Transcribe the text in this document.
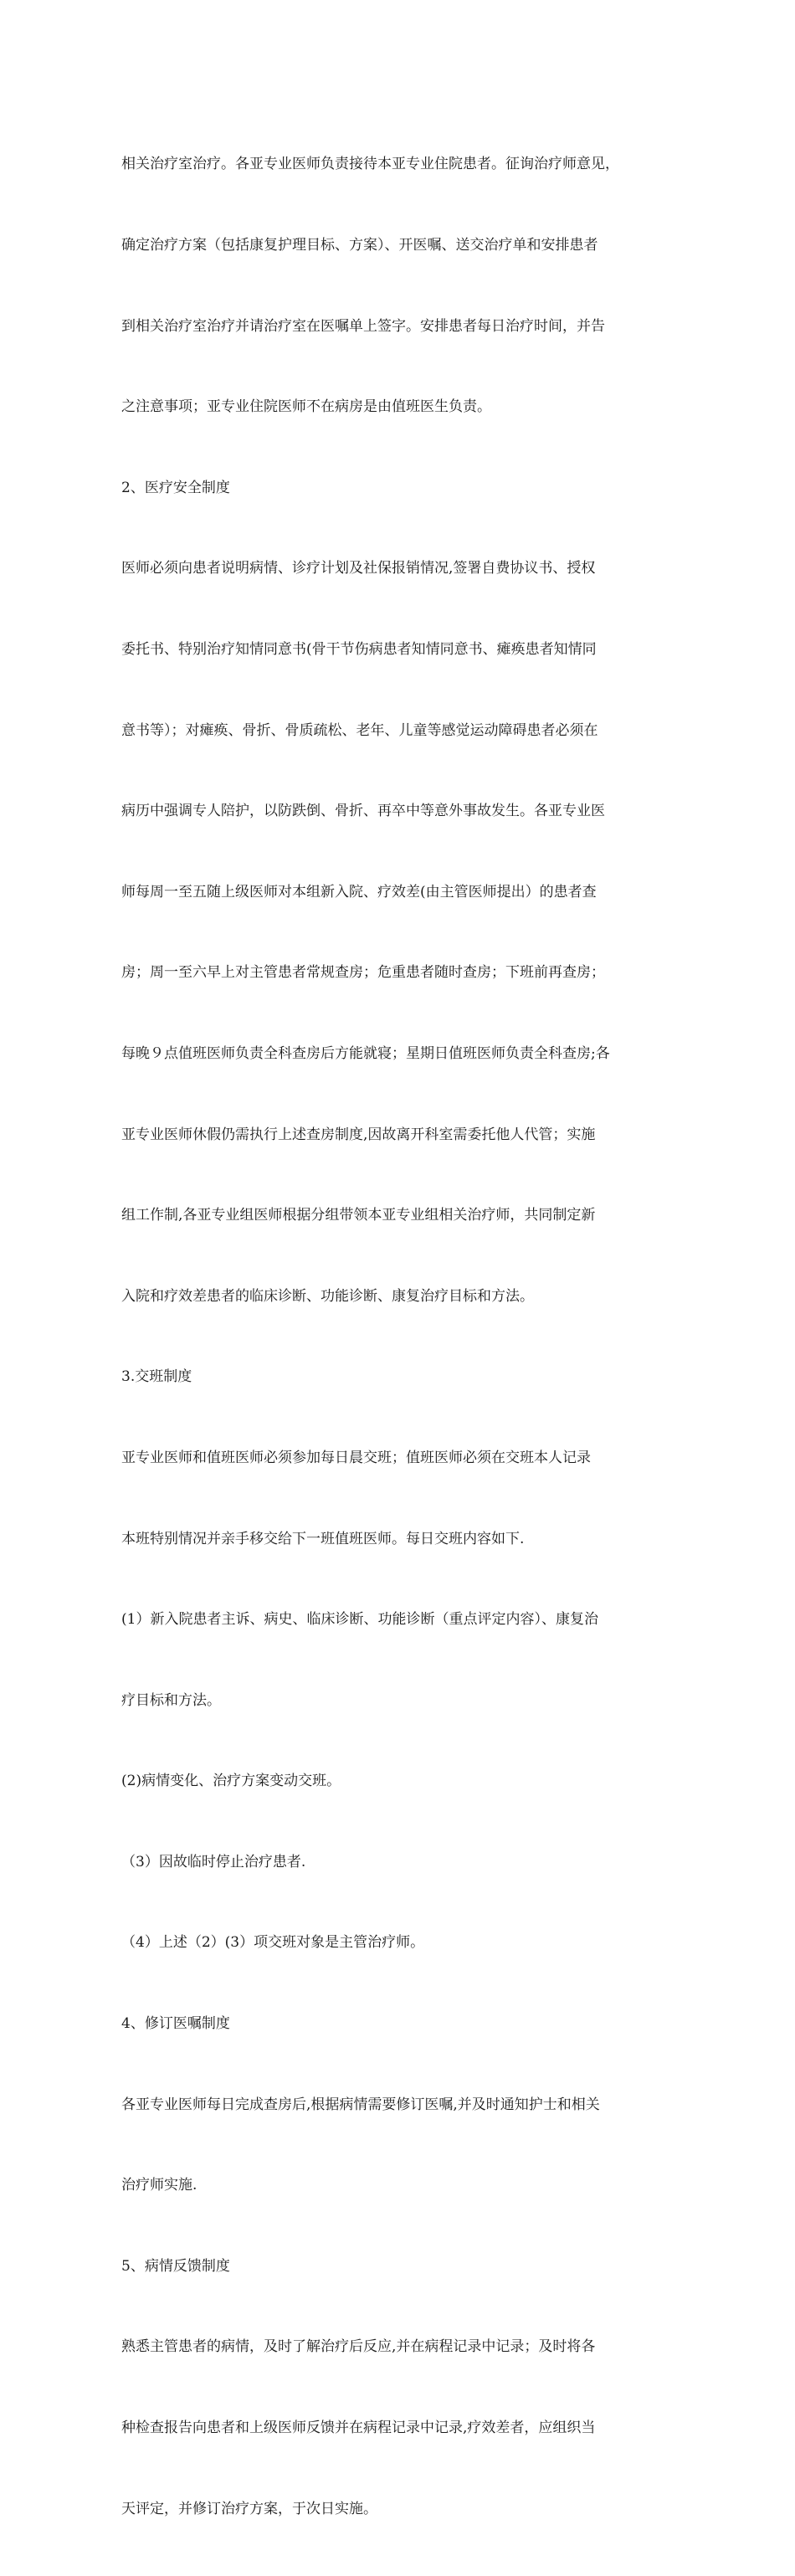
相关治疗室治疗。各亚专业医师负责接待本亚专业住院患者。征询治疗师意见，

确定治疗方案（包括康复护理目标、方案）、开医嘱、送交治疗单和安排患者

到相关治疗室治疗并请治疗室在医嘱单上签字。安排患者每日治疗时间，并告

之注意事项；亚专业住院医师不在病房是由值班医生负责。

2、医疗安全制度

医师必须向患者说明病情、诊疗计划及社保报销情况,签署自费协议书、授权

委托书、特别治疗知情同意书(骨干节伤病患者知情同意书、瘫痪患者知情同

意书等）；对瘫痪、骨折、骨质疏松、老年、儿童等感觉运动障碍患者必须在

病历中强调专人陪护，以防跌倒、骨折、再卒中等意外事故发生。各亚专业医

师每周一至五随上级医师对本组新入院、疗效差(由主管医师提出）的患者查

房；周一至六早上对主管患者常规查房；危重患者随时查房；下班前再查房；

每晚９点值班医师负责全科查房后方能就寝；星期日值班医师负责全科查房;各

亚专业医师休假仍需执行上述查房制度,因故离开科室需委托他人代管；实施

组工作制,各亚专业组医师根据分组带领本亚专业组相关治疗师，共同制定新

入院和疗效差患者的临床诊断、功能诊断、康复治疗目标和方法。

3.交班制度

亚专业医师和值班医师必须参加每日晨交班；值班医师必须在交班本人记录

本班特别情况并亲手移交给下一班值班医师。每日交班内容如下.

(1）新入院患者主诉、病史、临床诊断、功能诊断（重点评定内容）、康复治

疗目标和方法。

(2)病情变化、治疗方案变动交班。

（3）因故临时停止治疗患者.

（4）上述（2）(3）项交班对象是主管治疗师。

4、修订医嘱制度

各亚专业医师每日完成查房后,根据病情需要修订医嘱,并及时通知护士和相关

治疗师实施.

5、病情反馈制度

熟悉主管患者的病情，及时了解治疗后反应,并在病程记录中记录；及时将各

种检查报告向患者和上级医师反馈并在病程记录中记录,疗效差者，应组织当

天评定，并修订治疗方案，于次日实施。
